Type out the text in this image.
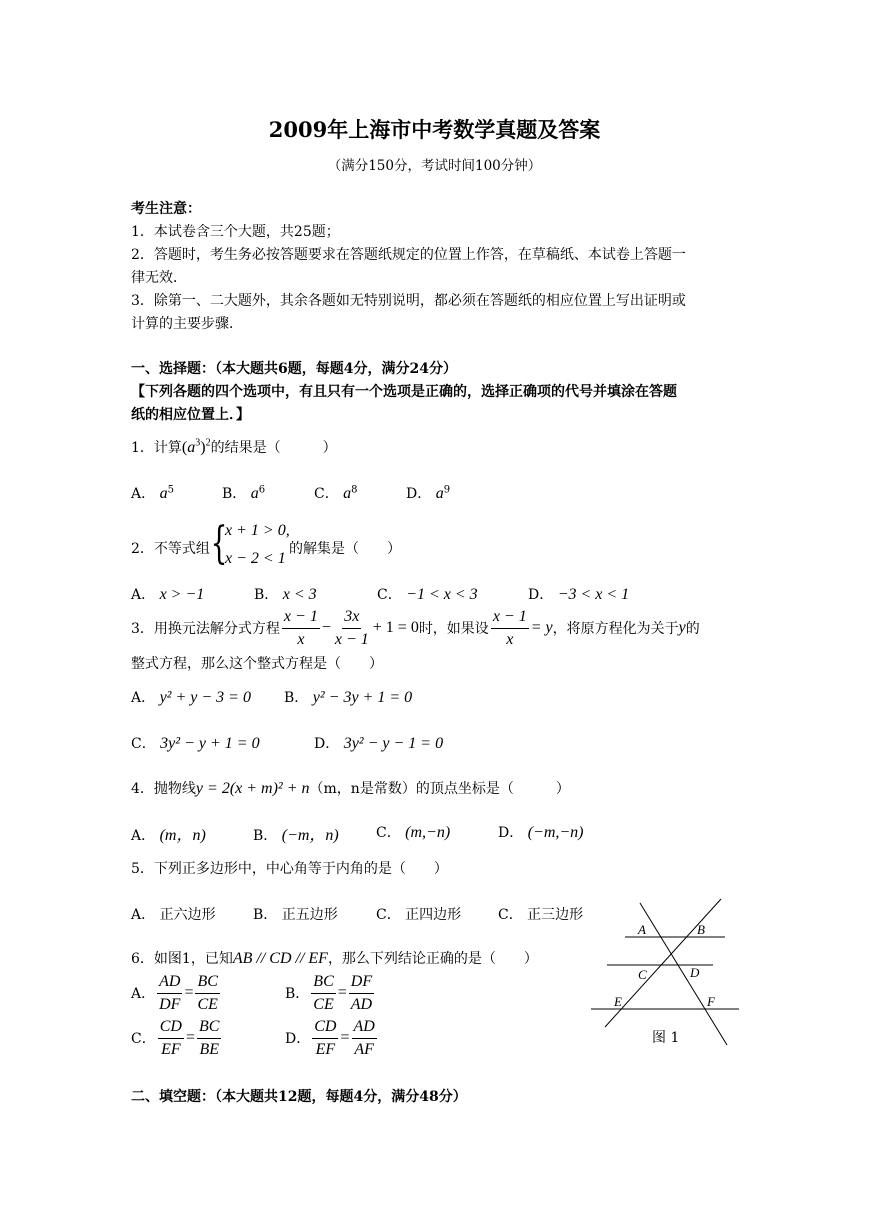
2009年上海市中考数学真题及答案
（满分150分，考试时间100分钟）
考生注意：
1．本试卷含三个大题，共25题；
2．答题时，考生务必按答题要求在答题纸规定的位置上作答，在草稿纸、本试卷上答题一
律无效．
3．除第一、二大题外，其余各题如无特别说明，都必须在答题纸的相应位置上写出证明或
计算的主要步骤．
一、选择题：（本大题共6题，每题4分，满分24分）
【下列各题的四个选项中，有且只有一个选项是正确的，选择正确项的代号并填涂在答题
纸的相应位置上．】
1．计算$(a^3)^2$的结果是（　　　）
A． $a^5$	B． $a^6$	C． $a^8$	D． $a^9$
2．不等式组 {
x + 1 > 0,
x − 2 < 1
的解集是（　　）
A． x > −1	B． x < 3	C． −1 < x < 3	D． −3 < x < 1
3．用换元法解分式方程 $\frac{x - 1}{x} - \frac{3x}{x - 1} + 1 = 0$ 时，如果设 $\frac{x - 1}{x} = y$ ，将原方程化为关于 y 的
整式方程，那么这个整式方程是（　　）
A． y² + y − 3 = 0 B． y² − 3y + 1 = 0
C． 3y² − y + 1 = 0	D． 3y² − y − 1 = 0
4．抛物线y = 2(x + m)² + n（m，n是常数）的顶点坐标是（　　　）
A． (m，n)	B． (−m，n)	C． (m,−n)	D． (−m,−n)
5．下列正多边形中，中心角等于内角的是（　　）
A． 正六边形	B． 正五边形	C． 正四边形	C． 正三边形
6．如图1，已知AB // CD // EF，那么下列结论正确的是（　　）
A． $\frac{AD}{DF} = \frac{BC}{CE}$	B． $\frac{BC}{CE} = \frac{DF}{AD}$
C． $\frac{CD}{EF} = \frac{BC}{BE}$	D． $\frac{CD}{EF} = \frac{AD}{AF}$
A	B
C	D
E	F
图 1
二、填空题：（本大题共12题，每题4分，满分48分）
